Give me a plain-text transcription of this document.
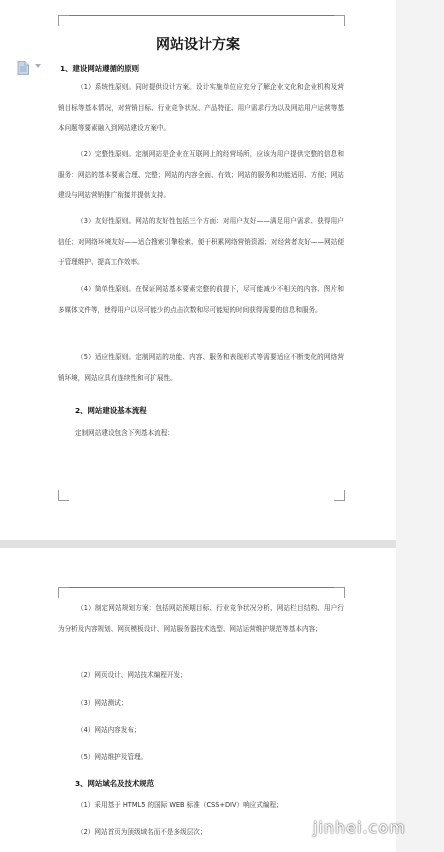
网站设计方案
1、建设网站遵循的原则
（1）系统性原则。同时提供设计方案。设计实施单位应充分了解企业文化和企业机构及营销目标等基本情况，对营销目标、行业竞争状况、产品特征、用户需求行为以及网站用户运营等基本问题等要素融入到网站建设方案中。
（2）完整性原则。定制网站是企业在互联网上的经营场所，应该为用户提供完整的信息和服务：网站的基本要素合理、完整；网站的内容全面、有效；网站的服务和功能适用、方便；网站建设与网站营销推广衔接并提供支持。
（3）友好性原则。网站的友好性包括三个方面：对用户友好——满足用户需求、获得用户信任；对网络环境友好——适合搜索引擎检索、便于积累网络营销资源；对经营者友好——网站便于管理维护、提高工作效率。
（4）简单性原则。在保证网站基本要素完整的前提下，尽可能减少不相关的内容、图片和多媒体文件等，使得用户以尽可能少的点击次数和尽可能短的时间获得需要的信息和服务。
（5）适应性原则。定制网站的功能、内容、服务和表现形式等需要适应不断变化的网络营销环境，网站应具有连续性和可扩展性。
2、网站建设基本流程
定制网站建设包含下列基本流程：
（1）制定网站规划方案：包括网站预期目标、行业竞争状况分析、网站栏目结构、用户行为分析及内容规划、网页模板设计、网站服务器技术选型、网站运营维护规范等基本内容；
（2）网页设计、网站技术编程开发；
（3）网站测试；
（4）网站内容发布；
（5）网站维护及管理。
3、网站域名及技术规范
（1）采用基于 HTML5 的国际 WEB 标准（CSS+DIV）响应式编程；
（2）网站首页为顶级域名而不是多级层次；	jinhei.com
